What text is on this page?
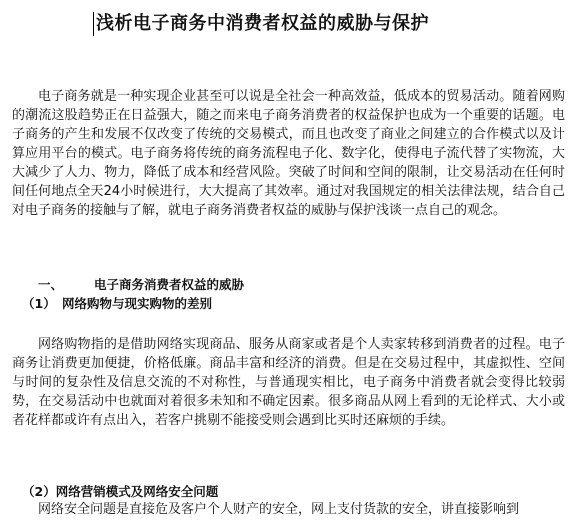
浅析电子商务中消费者权益的威胁与保护

电子商务就是一种实现企业甚至可以说是全社会一种高效益，低成本的贸易活动。随着网购的潮流这股趋势正在日益强大，随之而来电子商务消费者的权益保护也成为一个重要的话题。电子商务的产生和发展不仅改变了传统的交易模式，而且也改变了商业之间建立的合作模式以及计算应用平台的模式。电子商务将传统的商务流程电子化、数字化，使得电子流代替了实物流，大大减少了人力、物力，降低了成本和经营风险。突破了时间和空间的限制，让交易活动在任何时间任何地点全天24小时候进行，大大提高了其效率。通过对我国规定的相关法律法规，结合自己对电子商务的接触与了解，就电子商务消费者权益的威胁与保护浅谈一点自己的观念。

一、 电子商务消费者权益的威胁
（1） 网络购物与现实购物的差别

网络购物指的是借助网络实现商品、服务从商家或者是个人卖家转移到消费者的过程。电子商务让消费更加便捷，价格低廉。商品丰富和经济的消费。但是在交易过程中，其虚拟性、空间与时间的复杂性及信息交流的不对称性，与普通现实相比，电子商务中消费者就会变得比较弱势，在交易活动中也就面对着很多未知和不确定因素。很多商品从网上看到的无论样式、大小或者花样都或许有点出入，若客户挑剔不能接受则会遇到比买时还麻烦的手续。

（2）网络营销模式及网络安全问题

网络安全问题是直接危及客户个人财产的安全，网上支付货款的安全，讲直接影响到
